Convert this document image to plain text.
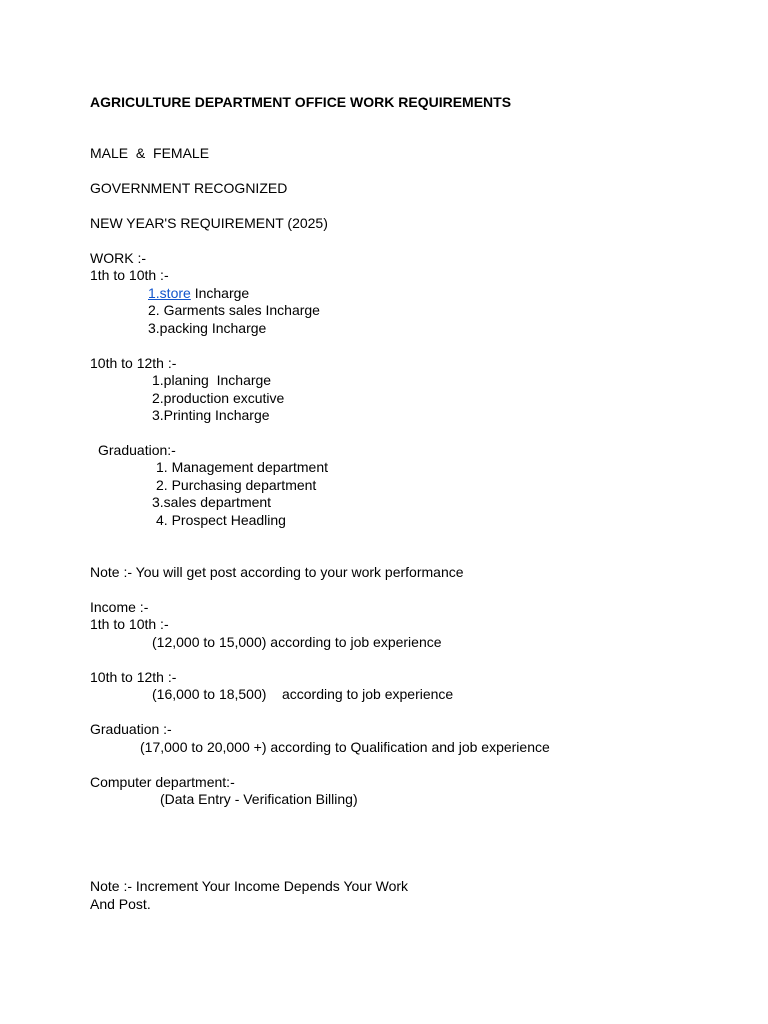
AGRICULTURE DEPARTMENT OFFICE WORK REQUIREMENTS
MALE  &  FEMALE
GOVERNMENT RECOGNIZED
NEW YEAR'S REQUIREMENT (2025)
WORK :-
1th to 10th :-
1.store Incharge
2. Garments sales Incharge
3.packing Incharge
10th to 12th :-
1.planing  Incharge
2.production excutive
3.Printing Incharge
Graduation:-
1. Management department
2. Purchasing department
3.sales department
4. Prospect Headling
Note :- You will get post according to your work performance
Income :-
1th to 10th :-
(12,000 to 15,000) according to job experience
10th to 12th :-
(16,000 to 18,500)    according to job experience
Graduation :-
(17,000 to 20,000 +) according to Qualification and job experience
Computer department:-
(Data Entry - Verification Billing)
Note :- Increment Your Income Depends Your Work
And Post.
